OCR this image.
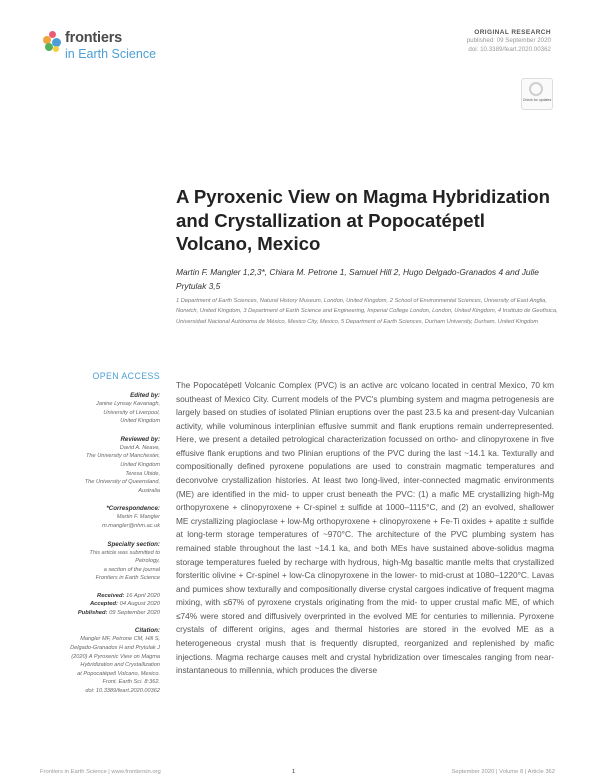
frontiers
in Earth Science
ORIGINAL RESEARCH
published: 09 September 2020
doi: 10.3389/feart.2020.00362
Check for updates
A Pyroxenic View on Magma Hybridization and Crystallization at Popocatépetl Volcano, Mexico
Martin F. Mangler 1,2,3*, Chiara M. Petrone 1, Samuel Hill 2, Hugo Delgado-Granados 4 and Julie Prytulak 3,5
1 Department of Earth Sciences, Natural History Museum, London, United Kingdom, 2 School of Environmental Sciences, University of East Anglia, Norwich, United Kingdom, 3 Department of Earth Science and Engineering, Imperial College London, London, United Kingdom, 4 Instituto de Geofísica, Universidad Nacional Autónoma de México, Mexico City, Mexico, 5 Department of Earth Sciences, Durham University, Durham, United Kingdom
OPEN ACCESS
Edited by:
Janine Lynsay Kavanagh,
University of Liverpool,
United Kingdom
Reviewed by:
David A. Neave,
The University of Manchester,
United Kingdom
Teresa Ubide,
The University of Queensland,
Australia
*Correspondence:
Martin F. Mangler
m.mangler@nhm.ac.uk
Specialty section:
This article was submitted to
Petrology,
a section of the journal
Frontiers in Earth Science
Received: 16 April 2020
Accepted: 04 August 2020
Published: 09 September 2020
Citation:
Mangler MF, Petrone CM, Hill S,
Delgado-Granados H and Prytulak J
(2020) A Pyroxenic View on Magma
Hybridization and Crystallization
at Popocatépetl Volcano, Mexico.
Front. Earth Sci. 8:362.
doi: 10.3389/feart.2020.00362

The Popocatépetl Volcanic Complex (PVC) is an active arc volcano located in central Mexico, 70 km southeast of Mexico City. Current models of the PVC's plumbing system and magma petrogenesis are largely based on studies of isolated Plinian eruptions over the past 23.5 ka and present-day Vulcanian activity, while voluminous interplinian effusive summit and flank eruptions remain underrepresented. Here, we present a detailed petrological characterization focussed on ortho- and clinopyroxene in five effusive flank eruptions and two Plinian eruptions of the PVC during the last ~14.1 ka. Texturally and compositionally defined pyroxene populations are used to constrain magmatic temperatures and deconvolve crystallization histories. At least two long-lived, inter-connected magmatic environments (ME) are identified in the mid- to upper crust beneath the PVC: (1) a mafic ME crystallizing high-Mg orthopyroxene + clinopyroxene + Cr-spinel ± sulfide at 1000–1115°C, and (2) an evolved, shallower ME crystallizing plagioclase + low-Mg orthopyroxene + clinopyroxene + Fe-Ti oxides + apatite ± sulfide at long-term storage temperatures of ~970°C. The architecture of the PVC plumbing system has remained stable throughout the last ~14.1 ka, and both MEs have sustained above-solidus magma storage temperatures fueled by recharge with hydrous, high-Mg basaltic mantle melts that crystallized forsteritic olivine + Cr-spinel + low-Ca clinopyroxene in the lower- to mid-crust at 1080–1220°C. Lavas and pumices show texturally and compositionally diverse crystal cargoes indicative of frequent magma mixing, with ≤67% of pyroxene crystals originating from the mid- to upper crustal mafic ME, of which ≤74% were stored and diffusively overprinted in the evolved ME for centuries to millennia. Pyroxene crystals of different origins, ages and thermal histories are stored in the evolved ME as a heterogeneous crystal mush that is frequently disrupted, reorganized and replenished by mafic injections. Magma recharge causes melt and crystal hybridization over timescales ranging from near-instantaneous to millennia, which produces the diverse

Frontiers in Earth Science | www.frontiersin.org	1	September 2020 | Volume 8 | Article 362
